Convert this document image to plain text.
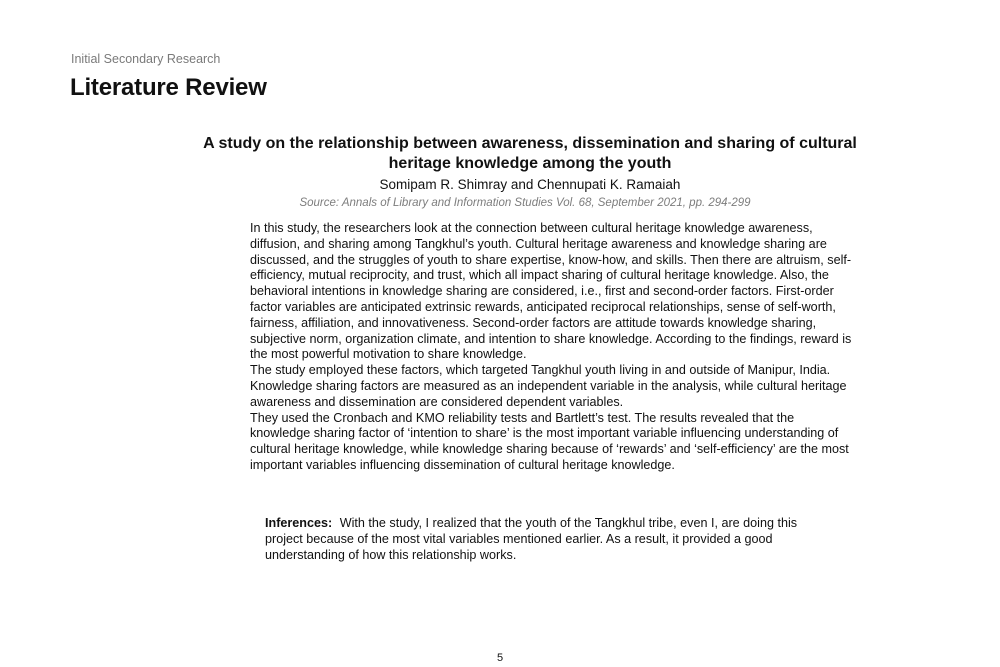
Initial Secondary Research
Literature Review
A study on the relationship between awareness, dissemination and sharing of cultural heritage knowledge among the youth
Somipam R. Shimray and Chennupati K. Ramaiah
Source: Annals of Library and Information Studies Vol. 68, September 2021, pp. 294-299

In this study, the researchers look at the connection between cultural heritage knowledge awareness, diffusion, and sharing among Tangkhul’s youth. Cultural heritage awareness and knowledge sharing are discussed, and the struggles of youth to share expertise, know-how, and skills. Then there are altruism, self-efficiency, mutual reciprocity, and trust, which all impact sharing of cultural heritage knowledge. Also, the behavioral intentions in knowledge sharing are considered, i.e., first and second-order factors. First-order factor variables are anticipated extrinsic rewards, anticipated reciprocal relationships, sense of self-worth, fairness, affiliation, and innovativeness. Second-order factors are attitude towards knowledge sharing, subjective norm, organization climate, and intention to share knowledge. According to the findings, reward is the most powerful motivation to share knowledge.

The study employed these factors, which targeted Tangkhul youth living in and outside of Manipur, India. Knowledge sharing factors are measured as an independent variable in the analysis, while cultural heritage awareness and dissemination are considered dependent variables.

They used the Cronbach and KMO reliability tests and Bartlett’s test. The results revealed that the knowledge sharing factor of ‘intention to share’ is the most important variable influencing understanding of cultural heritage knowledge, while knowledge sharing because of ‘rewards’ and ‘self-efficiency’ are the most important variables influencing dissemination of cultural heritage knowledge.

Inferences: With the study, I realized that the youth of the Tangkhul tribe, even I, are doing this project because of the most vital variables mentioned earlier. As a result, it provided a good understanding of how this relationship works.

5
